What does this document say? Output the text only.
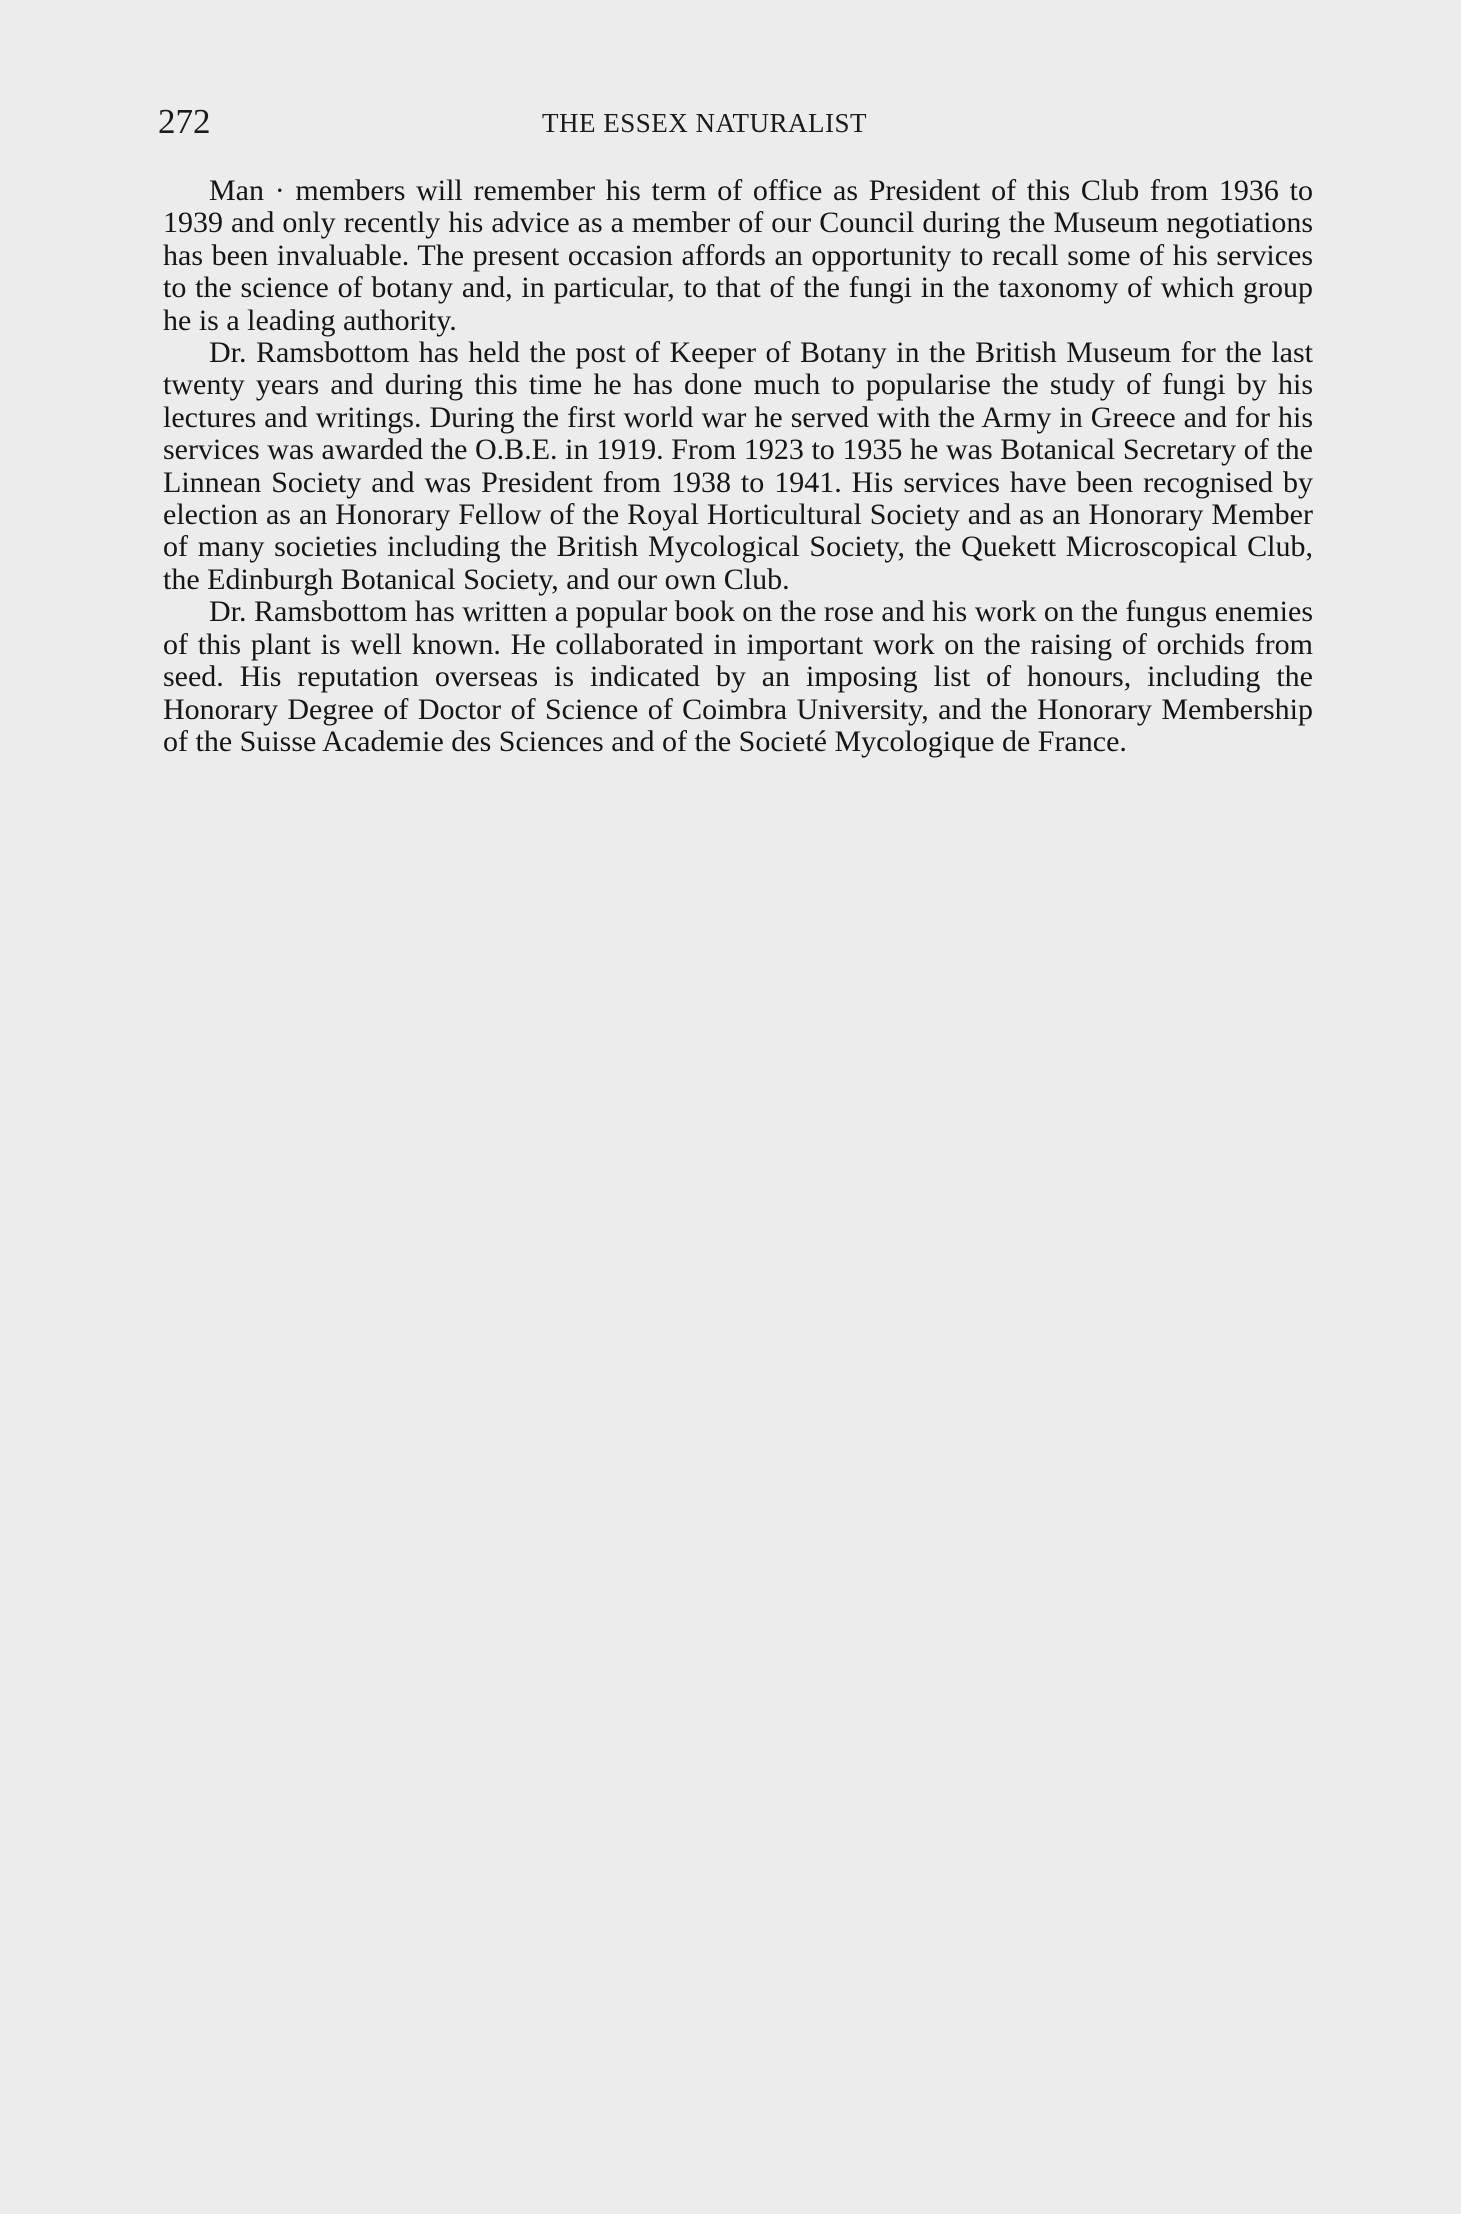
272	THE ESSEX NATURALIST

Man · members will remember his term of office as President of this Club from 1936 to 1939 and only recently his advice as a member of our Council during the Museum negotiations has been invaluable. The present occasion affords an opportunity to recall some of his services to the science of botany and, in particular, to that of the fungi in the taxonomy of which group he is a leading authority.

Dr. Ramsbottom has held the post of Keeper of Botany in the British Museum for the last twenty years and during this time he has done much to popularise the study of fungi by his lectures and writings. During the first world war he served with the Army in Greece and for his services was awarded the O.B.E. in 1919. From 1923 to 1935 he was Botanical Secretary of the Linnean Society and was President from 1938 to 1941. His services have been recognised by election as an Honorary Fellow of the Royal Horticultural Society and as an Honorary Member of many societies including the British Mycological Society, the Quekett Microscopical Club, the Edinburgh Botanical Society, and our own Club.

Dr. Ramsbottom has written a popular book on the rose and his work on the fungus enemies of this plant is well known. He collaborated in important work on the raising of orchids from seed. His reputation overseas is indicated by an imposing list of honours, including the Honorary Degree of Doctor of Science of Coimbra University, and the Honorary Membership of the Suisse Academie des Sciences and of the Societé Mycologique de France.
